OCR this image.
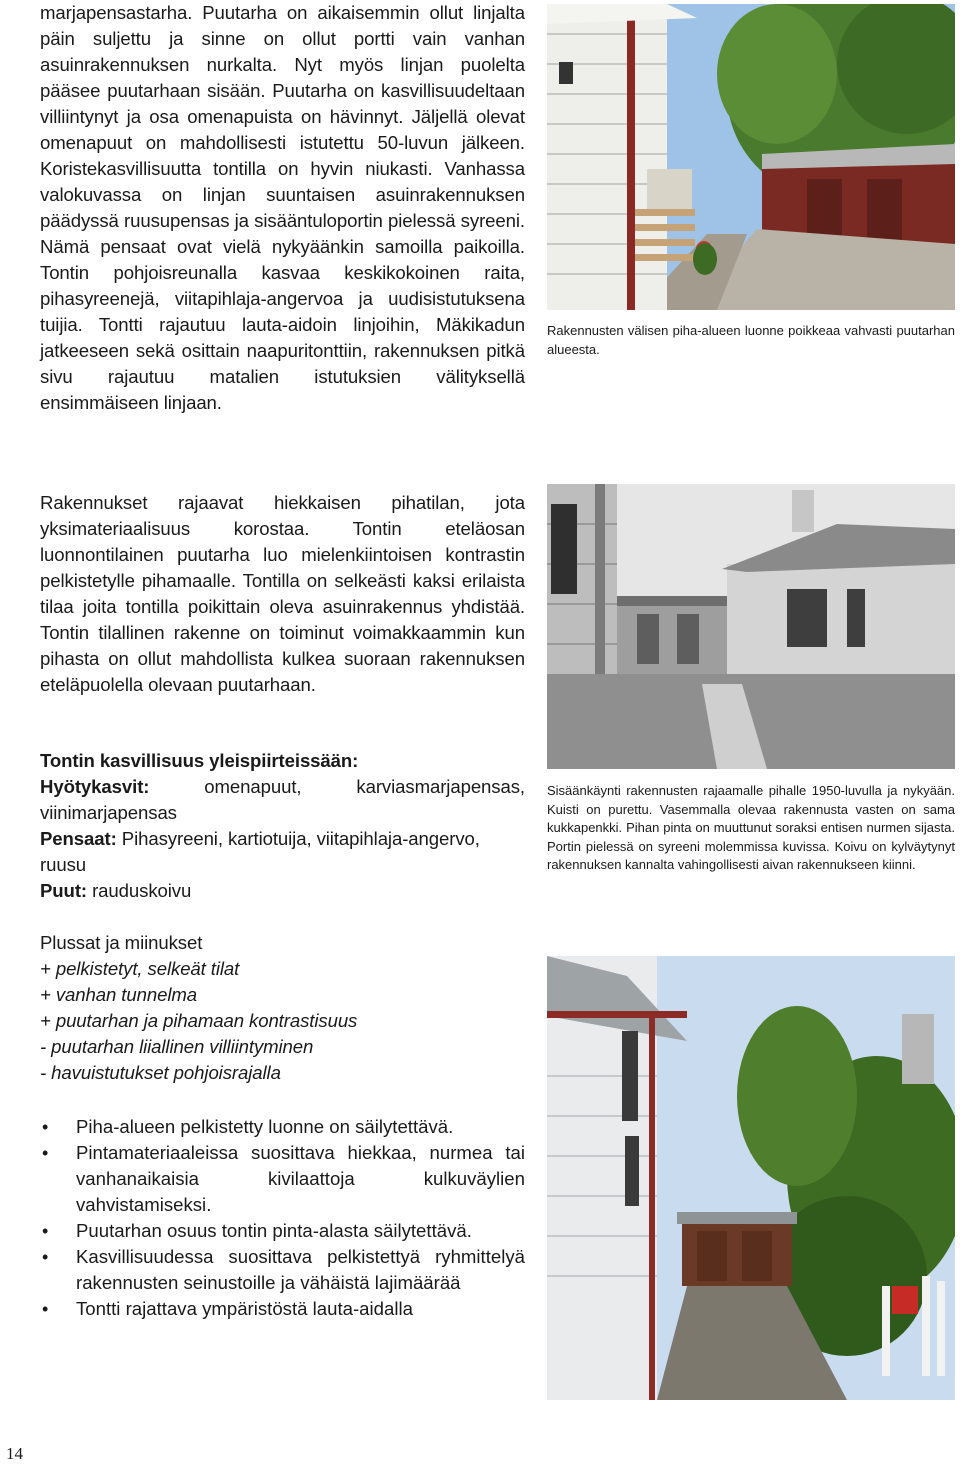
marjapensastarha. Puutarha on aikaisemmin ollut linjalta päin suljettu ja sinne on ollut portti vain vanhan asuinrakennuksen nurkalta. Nyt myös linjan puolelta pääsee puutarhaan sisään. Puutarha on kasvillisuudeltaan villiintynyt ja osa omenapuista on hävinnyt. Jäljellä olevat omenapuut on mahdollisesti istutettu 50-luvun jälkeen. Koristekasvillisuutta tontilla on hyvin niukasti. Vanhassa valokuvassa on linjan suuntaisen asuinrakennuksen päädyssä ruusupensas ja sisääntuloportin pielessä syreeni. Nämä pensaat ovat vielä nykyäänkin samoilla paikoilla. Tontin pohjoisreunalla kasvaa keskikokoinen raita, pihasyreenejä, viitapihlaja-angervoa ja uudisistutuksena tuijia. Tontti rajautuu lauta-aidoin linjoihin, Mäkikadun jatkeeseen sekä osittain naapuritonttiin, rakennuksen pitkä sivu rajautuu matalien istutuksien välityksellä ensimmäiseen linjaan.

Rakennukset rajaavat hiekkaisen pihatilan, jota yksimateriaalisuus korostaa. Tontin eteläosan luonnontilainen puutarha luo mielenkiintoisen kontrastin pelkistetylle pihamaalle. Tontilla on selkeästi kaksi erilaista tilaa joita tontilla poikittain oleva asuinrakennus yhdistää. Tontin tilallinen rakenne on toiminut voimakkaammin kun pihasta on ollut mahdollista kulkea suoraan rakennuksen eteläpuolella olevaan puutarhaan.

Tontin kasvillisuus yleispiirteissään:
Hyötykasvit: omenapuut, karviasmarjapensas, viinimarjapensas
Pensaat: Pihasyreeni, kartiotuija, viitapihlaja-angervo, ruusu
Puut: rauduskoivu
Plussat ja miinukset
+ pelkistetyt, selkeät tilat
+ vanhan tunnelma
+ puutarhan ja pihamaan kontrastisuus
- puutarhan liiallinen villiintyminen
- havuistutukset pohjoisrajalla
• Piha-alueen pelkistetty luonne on säilytettävä.
• Pintamateriaaleissa suosittava hiekkaa, nurmea tai vanhanaikaisia kivilaattoja kulkuväylien vahvistamiseksi.
• Puutarhan osuus tontin pinta-alasta säilytettävä.
• Kasvillisuudessa suosittava pelkistettyä ryhmittelyä rakennusten seinustoille ja vähäistä lajimäärää
• Tontti rajattava ympäristöstä lauta-aidalla

Rakennusten välisen piha-alueen luonne poikkeaa vahvasti puutarhan alueesta.

Sisäänkäynti rakennusten rajaamalle pihalle 1950-luvulla ja nykyään. Kuisti on purettu. Vasemmalla olevaa rakennusta vasten on sama kukkapenkki. Pihan pinta on muuttunut soraksi entisen nurmen sijasta. Portin pielessä on syreeni molemmissa kuvissa. Koivu on kylväytynyt rakennuksen kannalta vahingollisesti aivan rakennukseen kiinni.

14
